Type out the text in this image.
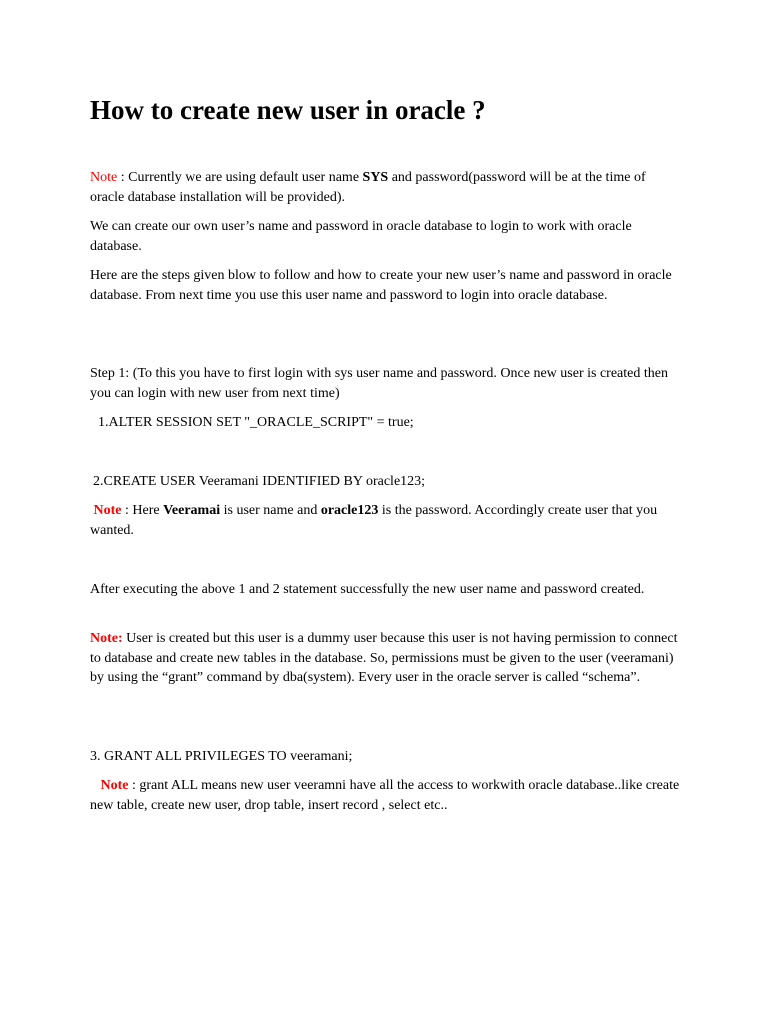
How to create new user in oracle ?

Note : Currently we are using default user name SYS and password(password will be at the time of oracle database installation will be provided).

We can create our own user’s name and password in oracle database to login to work with oracle database.

Here are the steps given blow to follow and how to create your new user’s name and password in oracle database. From next time you use this user name and password to login into oracle database.

Step 1: (To this you have to first login with sys user name and password. Once new user is created then you can login with new user from next time)

1.ALTER SESSION SET "_ORACLE_SCRIPT" = true;

2.CREATE USER Veeramani IDENTIFIED BY oracle123;

Note : Here Veeramai is user name and oracle123 is the password. Accordingly create user that you wanted.

After executing the above 1 and 2 statement successfully the new user name and password created.

Note: User is created but this user is a dummy user because this user is not having permission to connect to database and create new tables in the database. So, permissions must be given to the user (veeramani) by using the “grant” command by dba(system). Every user in the oracle server is called “schema”.

3. GRANT ALL PRIVILEGES TO veeramani;

Note : grant ALL means new user veeramni have all the access to workwith oracle database..like create new table, create new user, drop table, insert record , select etc..
